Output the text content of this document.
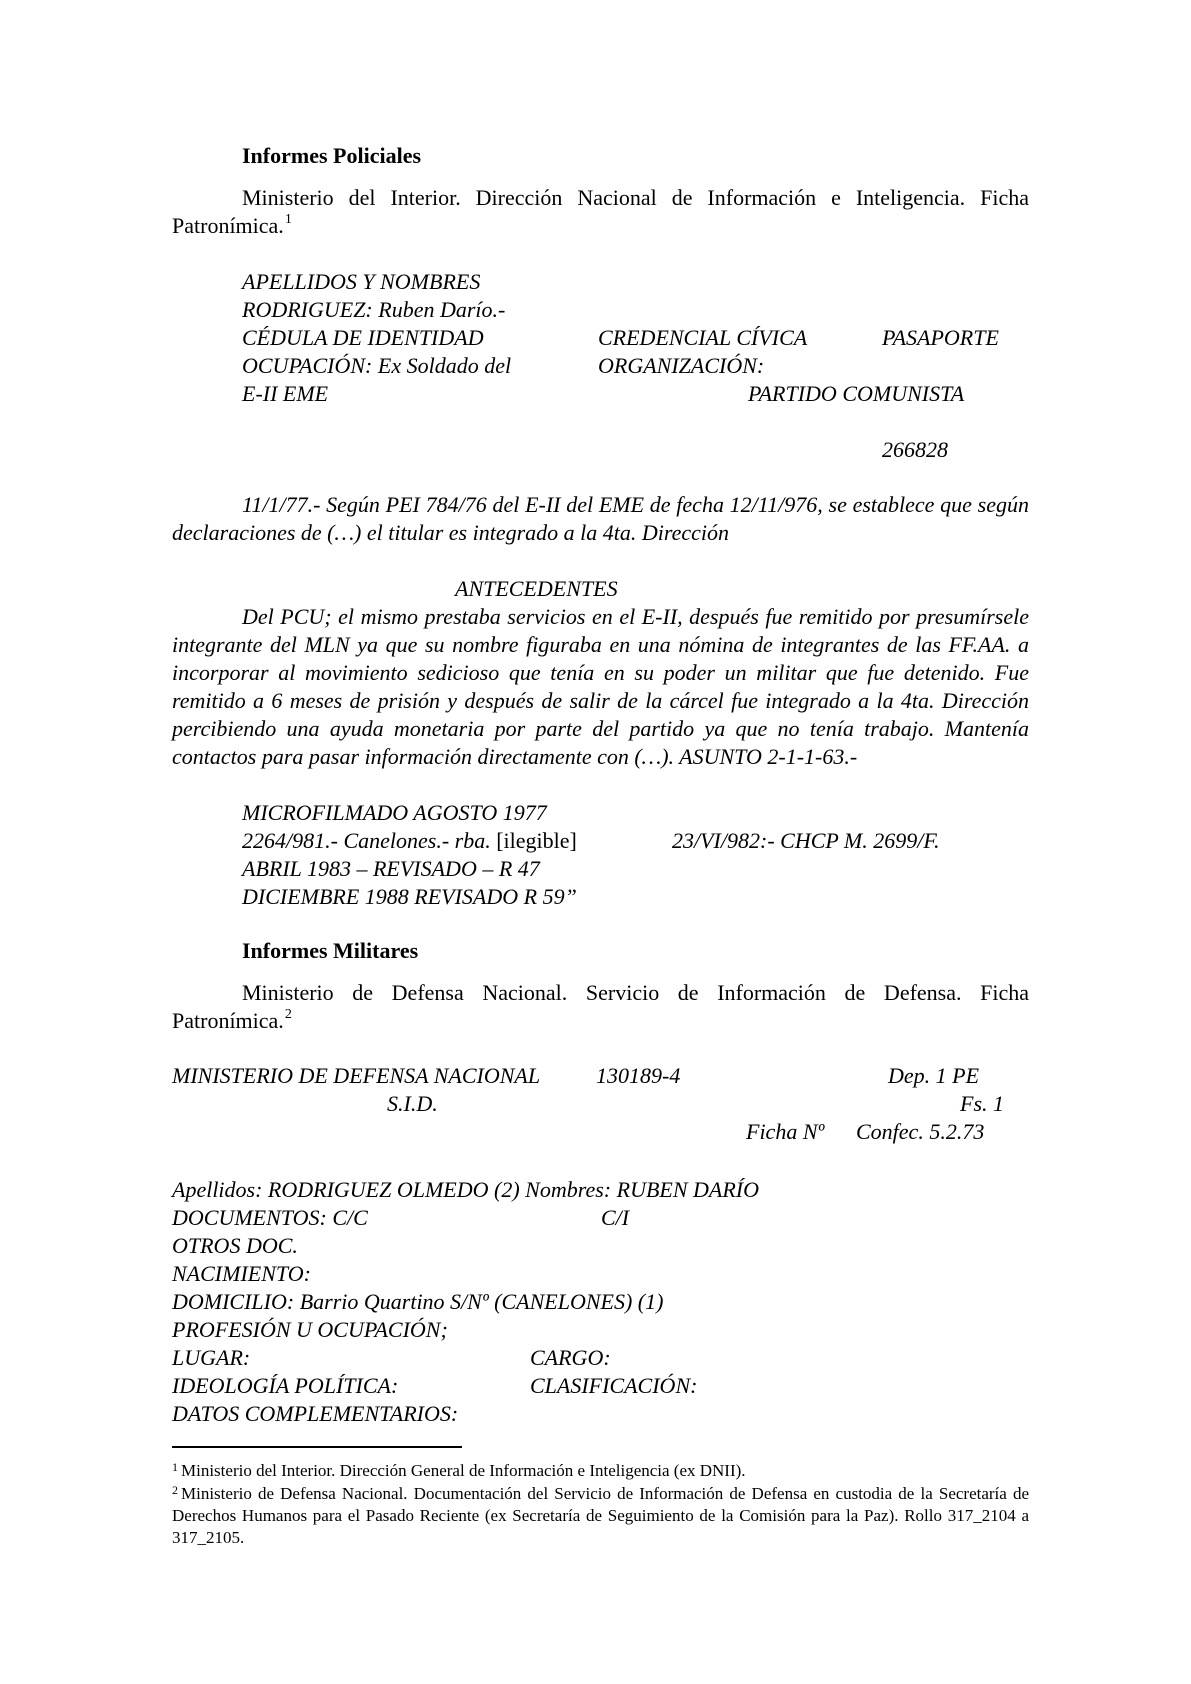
Informes Policiales
Ministerio del Interior. Dirección Nacional de Información e Inteligencia. Ficha Patronímica.$^1$
APELLIDOS Y NOMBRES
RODRIGUEZ: Ruben Darío.-
CÉDULA DE IDENTIDAD	CREDENCIAL CÍVICA	PASAPORTE
OCUPACIÓN: Ex Soldado del	ORGANIZACIÓN:
E-II EME	PARTIDO COMUNISTA
266828
11/1/77.- Según PEI 784/76 del E-II del EME de fecha 12/11/976, se establece que según declaraciones de (…) el titular es integrado a la 4ta. Dirección
ANTECEDENTES
Del PCU; el mismo prestaba servicios en el E-II, después fue remitido por presumírsele integrante del MLN ya que su nombre figuraba en una nómina de integrantes de las FF.AA. a incorporar al movimiento sedicioso que tenía en su poder un militar que fue detenido. Fue remitido a 6 meses de prisión y después de salir de la cárcel fue integrado a la 4ta. Dirección percibiendo una ayuda monetaria por parte del partido ya que no tenía trabajo. Mantenía contactos para pasar información directamente con (…). ASUNTO 2-1-1-63.-
MICROFILMADO AGOSTO 1977
2264/981.- Canelones.- rba. [ilegible]	23/VI/982:- CHCP M. 2699/F.
ABRIL 1983 – REVISADO – R 47
DICIEMBRE 1988 REVISADO R 59”
Informes Militares
Ministerio de Defensa Nacional. Servicio de Información de Defensa. Ficha Patronímica.$^2$
MINISTERIO DE DEFENSA NACIONAL	130189-4	Dep. 1 PE
S.I.D.	Fs. 1
Ficha Nº Confec. 5.2.73
Apellidos: RODRIGUEZ OLMEDO (2) Nombres: RUBEN DARÍO
DOCUMENTOS: C/C	C/I
OTROS DOC.
NACIMIENTO:
DOMICILIO: Barrio Quartino S/Nº (CANELONES) (1)
PROFESIÓN U OCUPACIÓN;
LUGAR:	CARGO:
IDEOLOGÍA POLÍTICA:	CLASIFICACIÓN:
DATOS COMPLEMENTARIOS:
$^1$ Ministerio del Interior. Dirección General de Información e Inteligencia (ex DNII).
$^2$ Ministerio de Defensa Nacional. Documentación del Servicio de Información de Defensa en custodia de la Secretaría de Derechos Humanos para el Pasado Reciente (ex Secretaría de Seguimiento de la Comisión para la Paz). Rollo 317_2104 a 317_2105.
